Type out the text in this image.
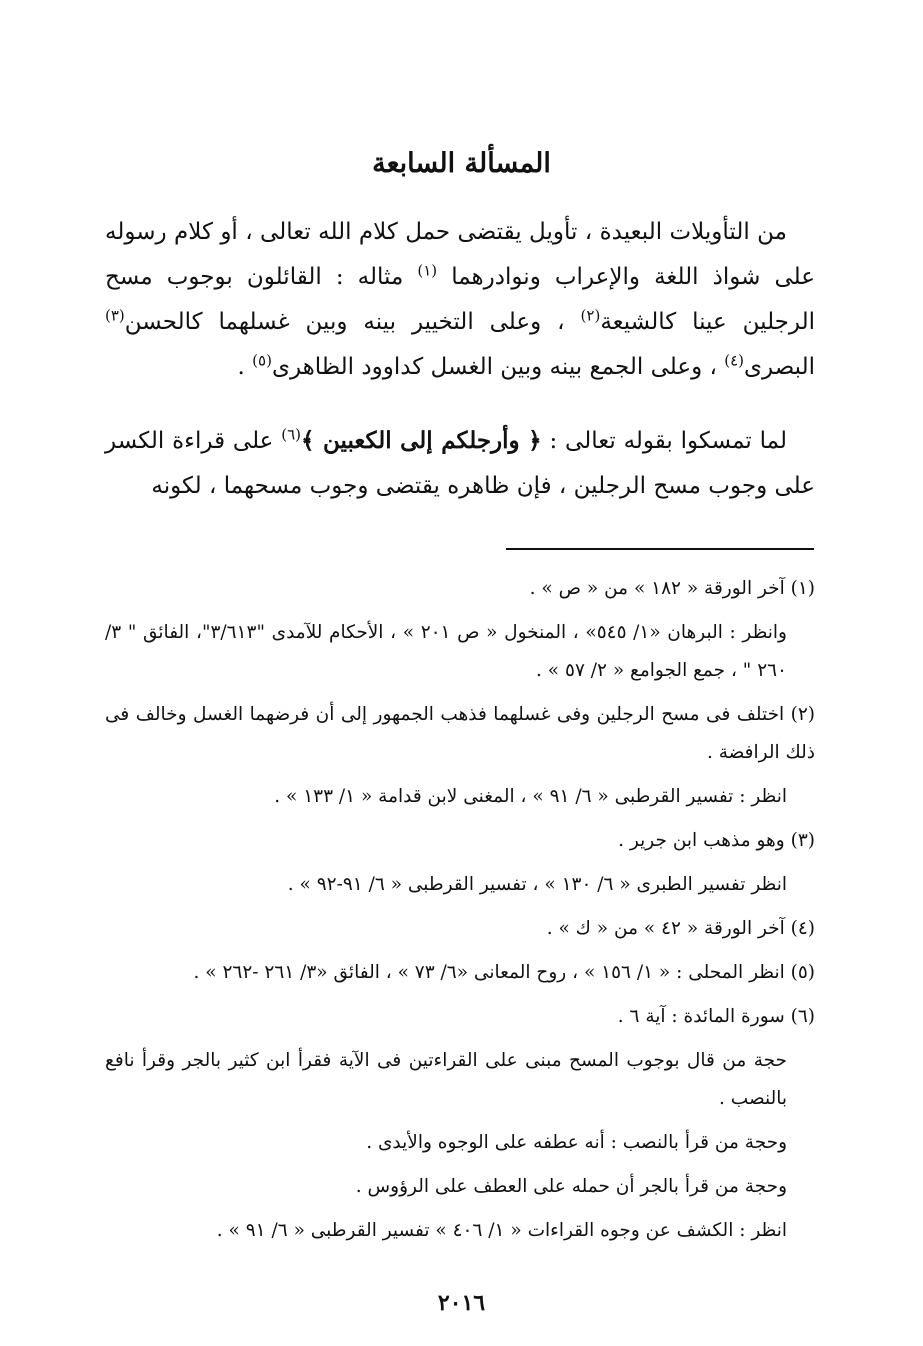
المسألة السابعة

من التأويلات البعيدة ، تأويل يقتضى حمل كلام الله تعالى ، أو كلام رسوله على شواذ اللغة والإعراب ونوادرهما $^{(١)}$ مثاله : القائلون بوجوب مسح الرجلين عينا كالشيعة$^{(٢)}$ ، وعلى التخيير بينه وبين غسلهما كالحسن$^{(٣)}$ البصرى$^{(٤)}$ ، وعلى الجمع بينه وبين الغسل كداوود الظاهرى$^{(٥)}$ .

لما تمسكوا بقوله تعالى : ﴿ وأرجلكم إلى الكعبين ﴾$^{(٦)}$ على قراءة الكسر على وجوب مسح الرجلين ، فإن ظاهره يقتضى وجوب مسحهما ، لكونه

(١) آخر الورقة « ١٨٢ » من « ص » .

وانظر : البرهان «١/ ٥٤٥» ، المنخول « ص ٢٠١ » ، الأحكام للآمدى "٣/٦١٣"، الفائق " ٣/ ٢٦٠ " ، جمع الجوامع « ٢/ ٥٧ » .

(٢) اختلف فى مسح الرجلين وفى غسلهما فذهب الجمهور إلى أن فرضهما الغسل وخالف فى ذلك الرافضة .

انظر : تفسير القرطبى « ٦/ ٩١ » ، المغنى لابن قدامة « ١/ ١٣٣ » .

(٣) وهو مذهب ابن جرير .

انظر تفسير الطبرى « ٦/ ١٣٠ » ، تفسير القرطبى « ٦/ ٩١-٩٢ » .

(٤) آخر الورقة « ٤٢ » من « ك » .

(٥) انظر المحلى : « ١/ ١٥٦ » ، روح المعانى «٦/ ٧٣ » ، الفائق «٣/ ٢٦١ -٢٦٢ » .

(٦) سورة المائدة : آية ٦ .

حجة من قال بوجوب المسح مبنى على القراءتين فى الآية فقرأ ابن كثير بالجر وقرأ نافع بالنصب .

وحجة من قرأ بالنصب : أنه عطفه على الوجوه والأيدى .

وحجة من قرأ بالجر أن حمله على العطف على الرؤوس .

انظر : الكشف عن وجوه القراءات « ١/ ٤٠٦ » تفسير القرطبى « ٦/ ٩١ » .

٢٠١٦
